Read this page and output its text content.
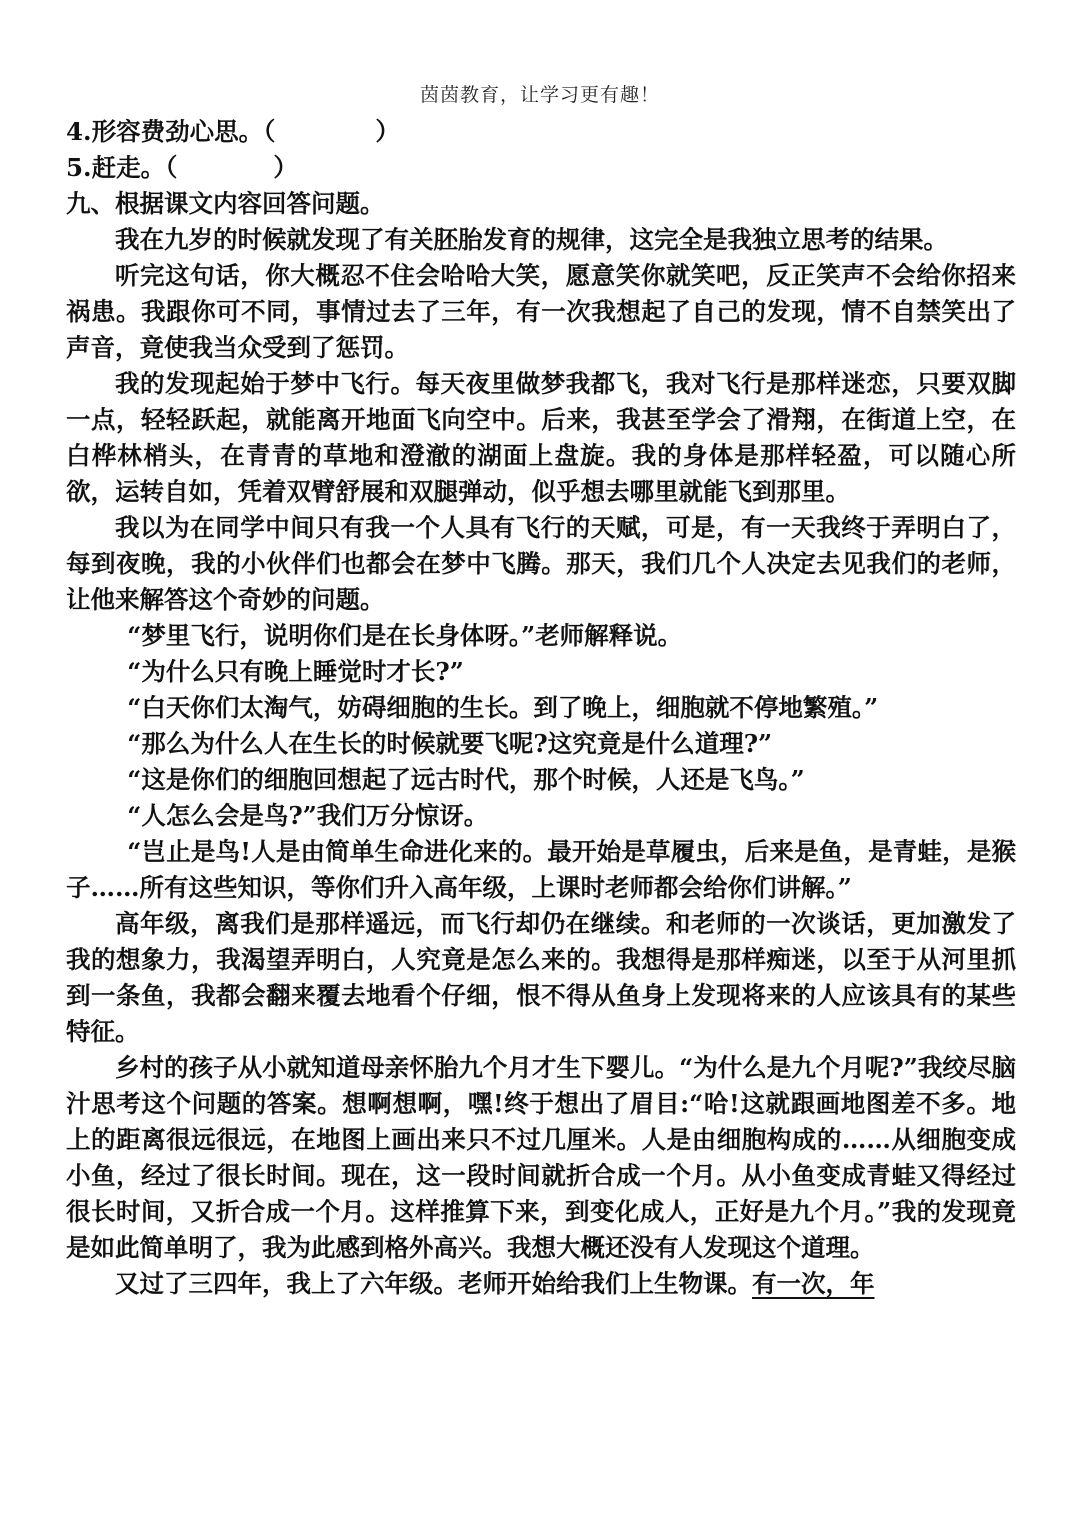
茵茵教育，让学习更有趣！
4.形容费劲心思。（	）
5.赶走。（	）
九、根据课文内容回答问题。

我在九岁的时候就发现了有关胚胎发育的规律，这完全是我独立思考的结果。

听完这句话，你大概忍不住会哈哈大笑，愿意笑你就笑吧，反正笑声不会给你招来祸患。我跟你可不同，事情过去了三年，有一次我想起了自己的发现，情不自禁笑出了声音，竟使我当众受到了惩罚。

我的发现起始于梦中飞行。每天夜里做梦我都飞，我对飞行是那样迷恋，只要双脚一点，轻轻跃起，就能离开地面飞向空中。后来，我甚至学会了滑翔，在街道上空，在白桦林梢头，在青青的草地和澄澈的湖面上盘旋。我的身体是那样轻盈，可以随心所欲，运转自如，凭着双臂舒展和双腿弹动，似乎想去哪里就能飞到那里。

我以为在同学中间只有我一个人具有飞行的天赋，可是，有一天我终于弄明白了，每到夜晚，我的小伙伴们也都会在梦中飞腾。那天，我们几个人决定去见我们的老师，让他来解答这个奇妙的问题。

“梦里飞行，说明你们是在长身体呀。”老师解释说。

“为什么只有晚上睡觉时才长?”

“白天你们太淘气，妨碍细胞的生长。到了晚上，细胞就不停地繁殖。”

“那么为什么人在生长的时候就要飞呢?这究竟是什么道理?”

“这是你们的细胞回想起了远古时代，那个时候，人还是飞鸟。”

“人怎么会是鸟?”我们万分惊讶。

“岂止是鸟!人是由简单生命进化来的。最开始是草履虫，后来是鱼，是青蛙，是猴子……所有这些知识，等你们升入高年级，上课时老师都会给你们讲解。”

高年级，离我们是那样遥远，而飞行却仍在继续。和老师的一次谈话，更加激发了我的想象力，我渴望弄明白，人究竟是怎么来的。我想得是那样痴迷，以至于从河里抓到一条鱼，我都会翻来覆去地看个仔细，恨不得从鱼身上发现将来的人应该具有的某些特征。

乡村的孩子从小就知道母亲怀胎九个月才生下婴儿。“为什么是九个月呢?”我绞尽脑汁思考这个问题的答案。想啊想啊，嘿!终于想出了眉目:“哈!这就跟画地图差不多。地上的距离很远很远，在地图上画出来只不过几厘米。人是由细胞构成的……从细胞变成小鱼，经过了很长时间。现在，这一段时间就折合成一个月。从小鱼变成青蛙又得经过很长时间，又折合成一个月。这样推算下来，到变化成人，正好是九个月。”我的发现竟是如此简单明了，我为此感到格外高兴。我想大概还没有人发现这个道理。

又过了三四年，我上了六年级。老师开始给我们上生物课。有一次，年
